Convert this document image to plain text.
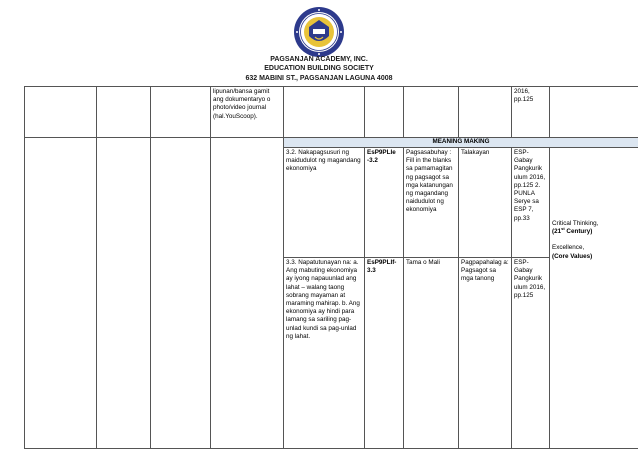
PAGSANJAN ACADEMY, INC.
EDUCATION BUILDING SOCIETY
632 MABINI ST., PAGSANJAN LAGUNA 4008
			lipunan/bansa gamit ang dokumentaryo o photo/video journal (hal.YouScoop).					2016, pp.125	
				MEANING MAKING					
				3.2. Nakapagsusuri ng maidudulot ng magandang ekonomiya	EsP9PLIe -3.2	Pagsasabuhay : Fill in the blanks sa pamamagitan ng pagsagot sa mga katanungan ng magandang naidudulot ng ekonomiya	Talakayan	ESP-Gabay Pangkurik ulum 2016, pp.125 2. PUNLA Serye sa ESP 7, pp.33	Critical Thinking,
(21st Century)
Excellence,
(Core Values)

				3.3. Napatutunayan na: a. Ang mabuting ekonomiya ay iyong napauunlad ang lahat – walang taong sobrang mayaman at maraming mahirap. b. Ang ekonomiya ay hindi para lamang sa sariling pag-unlad kundi sa pag-unlad ng lahat.	EsP9PLIf-3.3	Tama o Mali	Pagpapahalag a: Pagsagot sa mga tanong	ESP-Gabay Pangkurik ulum 2016, pp.125	
